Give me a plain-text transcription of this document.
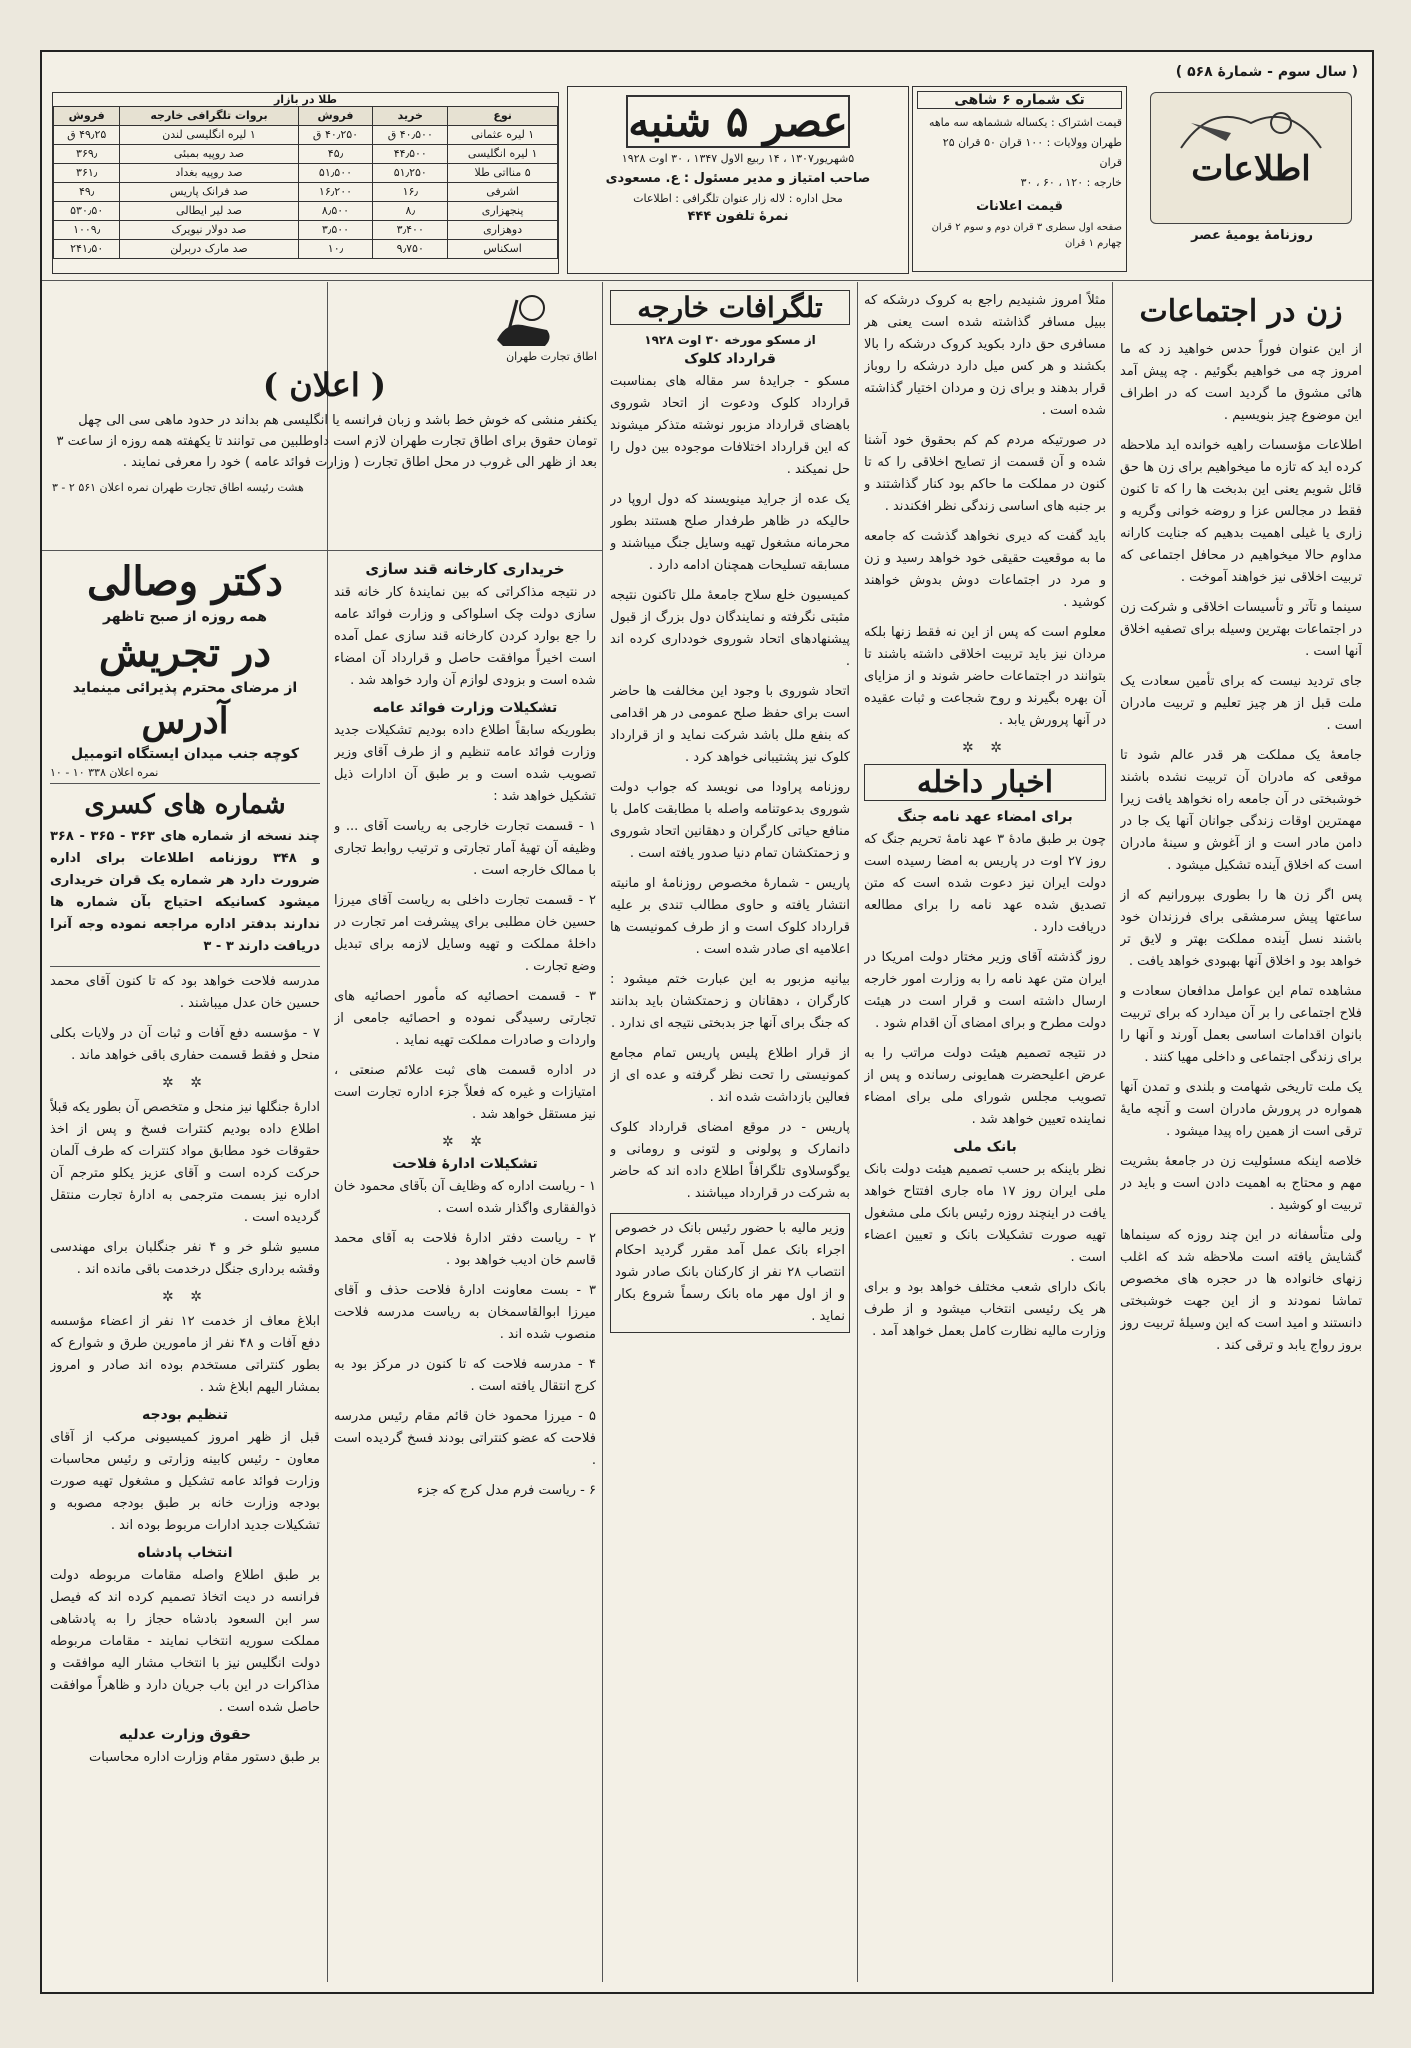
( سال سوم - شمارهٔ ۵۶۸ )
اطلاعات
روزنامهٔ یومیهٔ عصر
تک شماره ۶ شاهی
قیمت اشتراک : یکساله ششماهه سه ماهه
طهران وولایات : ۱۰۰ قران ۵۰ قران ۲۵ قران
خارجه : ۱۲۰ ، ۶۰ ، ۳۰
قیمت اعلانات
صفحه اول سطری ۳ قران دوم و سوم ۲ قران چهارم ۱ قران
عصر ۵ شنبه
۵شهریور۱۳۰۷ ، ۱۴ ربیع الاول ۱۳۴۷ ، ۳۰ اوت ۱۹۲۸
صاحب امتیاز و مدیر مسئول : ع. مسعودی
محل اداره : لاله زار عنوان تلگرافی : اطلاعات
نمرهٔ تلفون ۴۴۴
طلا در بازار
نوع	خرید	فروش	بروات تلگرافی خارجه	فروش
۱ لیره عثمانی	۴۰٫۵۰۰ ق	۴۰٫۲۵۰ ق	۱ لیره انگلیسی لندن	۴۹٫۲۵ ق
۱ لیره انگلیسی	۴۴٫۵۰۰	۴۵٫	صد روپیه بمبئی	۳۶۹٫
۵ منااتی طلا	۵۱٫۲۵۰	۵۱٫۵۰۰	صد روپیه بغداد	۳۶۱٫
اشرفی	۱۶٫	۱۶٫۲۰۰	صد فرانک پاریس	۴۹٫
پنجهزاری	۸٫	۸٫۵۰۰	صد لیر ایطالی	۵۳۰٫۵۰
دوهزاری	۳٫۴۰۰	۳٫۵۰۰	صد دولار نیویرک	۱۰۰۹٫
اسکناس	۹٫۷۵۰	۱۰٫	صد مارک دربرلن	۲۴۱٫۵۰
زن در اجتماعات

از این عنوان فوراً حدس خواهید زد که ما امروز چه می خواهیم بگوئیم . چه پیش آمد هائی مشوق ما گردید است که در اطراف این موضوع چیز بنویسیم .

اطلاعات مؤسسات راهیه خوانده اید ملاحظه کرده اید که تازه ما میخواهیم برای زن ها حق قائل شویم یعنی این بدبخت ها را که تا کنون فقط در مجالس عزا و روضه خوانی وگریه و زاری یا غیلی اهمیت بدهیم که جنایت کارانه مداوم حالا میخواهیم در محافل اجتماعی که تربیت اخلاقی نیز خواهند آموخت .

سینما و تآتر و تأسیسات اخلاقی و شرکت زن در اجتماعات بهترین وسیله برای تصفیه اخلاق آنها است .

جای تردید نیست که برای تأمین سعادت یک ملت قبل از هر چیز تعلیم و تربیت مادران است .

جامعهٔ یک مملکت هر قدر عالم شود تا موقعی که مادران آن تربیت نشده باشند خوشبختی در آن جامعه راه نخواهد یافت زیرا مهمترین اوقات زندگی جوانان آنها یک جا در دامن مادر است و از آغوش و سینهٔ مادران است که اخلاق آینده تشکیل میشود .

پس اگر زن ها را بطوری بپرورانیم که از ساعتها پیش سرمشقی برای فرزندان خود باشند نسل آینده مملکت بهتر و لایق تر خواهد بود و اخلاق آنها بهبودی خواهد یافت .

مشاهده تمام این عوامل مدافعان سعادت و فلاح اجتماعی را بر آن میدارد که برای تربیت بانوان اقدامات اساسی بعمل آورند و آنها را برای زندگی اجتماعی و داخلی مهیا کنند .

یک ملت تاریخی شهامت و بلندی و تمدن آنها همواره در پرورش مادران است و آنچه مایهٔ ترقی است از همین راه پیدا میشود .

خلاصه اینکه مسئولیت زن در جامعهٔ بشریت مهم و محتاج به اهمیت دادن است و باید در تربیت او کوشید .

ولی متأسفانه در این چند روزه که سینماها گشایش یافته است ملاحظه شد که اغلب زنهای خانواده ها در حجره های مخصوص تماشا نمودند و از این جهت خوشبختی دانستند و امید است که این وسیلهٔ تربیت روز بروز رواج یابد و ترقی کند .

مثلاً امروز شنیدیم راجع به کروک درشکه که ببیل مسافر گذاشته شده است یعنی هر مسافری حق دارد بکوید کروک درشکه را بالا بکشند و هر کس میل دارد درشکه را روباز قرار بدهند و برای زن و مردان اختیار گذاشته شده است .

در صورتیکه مردم کم کم بحقوق خود آشنا شده و آن قسمت از تصایح اخلاقی را که تا کنون در مملکت ما حاکم بود کنار گذاشتند و بر جنبه های اساسی زندگی نظر افکندند .

باید گفت که دیری نخواهد گذشت که جامعه ما به موقعیت حقیقی خود خواهد رسید و زن و مرد در اجتماعات دوش بدوش خواهند کوشید .

معلوم است که پس از این نه فقط زنها بلکه مردان نیز باید تربیت اخلاقی داشته باشند تا بتوانند در اجتماعات حاضر شوند و از مزایای آن بهره بگیرند و روح شجاعت و ثبات عقیده در آنها پرورش یابد .

✲ ✲
اخبار داخله
برای امضاء عهد نامه جنگ

چون بر طبق مادهٔ ۳ عهد نامهٔ تحریم جنگ که روز ۲۷ اوت در پاریس به امضا رسیده است دولت ایران نیز دعوت شده است که متن تصدیق شده عهد نامه را برای مطالعه دریافت دارد .

روز گذشته آقای وزیر مختار دولت امریکا در ایران متن عهد نامه را به وزارت امور خارجه ارسال داشته است و قرار است در هیئت دولت مطرح و برای امضای آن اقدام شود .

در نتیجه تصمیم هیئت دولت مراتب را به عرض اعلیحضرت همایونی رسانده و پس از تصویب مجلس شورای ملی برای امضاء نماینده تعیین خواهد شد .

بانک ملی

نظر باینکه بر حسب تصمیم هیئت دولت بانک ملی ایران روز ۱۷ ماه جاری افتتاح خواهد یافت در اینچند روزه رئیس بانک ملی مشغول تهیه صورت تشکیلات بانک و تعیین اعضاء است .

بانک دارای شعب مختلف خواهد بود و برای هر یک رئیسی انتخاب میشود و از طرف وزارت مالیه نظارت کامل بعمل خواهد آمد .

تلگرافات خارجه
از مسکو مورخه ۳۰ اوت ۱۹۲۸
قرارداد کلوک

مسکو - جرایدهٔ سر مقاله های بمناسبت قرارداد کلوک ودعوت از اتحاد شوروی باهضای قرارداد مزبور نوشته متذکر میشوند که این قرارداد اختلافات موجوده بین دول را حل نمیکند .

یک عده از جراید مینویسند که دول اروپا در حالیکه در ظاهر طرفدار صلح هستند بطور محرمانه مشغول تهیه وسایل جنگ میباشند و مسابقه تسلیحات همچنان ادامه دارد .

کمیسیون خلع سلاح جامعهٔ ملل تاکنون نتیجه مثبتی نگرفته و نمایندگان دول بزرگ از قبول پیشنهادهای اتحاد شوروی خودداری کرده اند .

اتحاد شوروی با وجود این مخالفت ها حاضر است برای حفظ صلح عمومی در هر اقدامی که بنفع ملل باشد شرکت نماید و از قرارداد کلوک نیز پشتیبانی خواهد کرد .

روزنامه پراودا می نویسد که جواب دولت شوروی بدعوتنامه واصله با مطابقت کامل با منافع حیاتی کارگران و دهقانین اتحاد شوروی و زحمتکشان تمام دنیا صدور یافته است .

پاریس - شمارهٔ مخصوص روزنامهٔ او مانیته انتشار یافته و حاوی مطالب تندی بر علیه قرارداد کلوک است و از طرف کمونیست ها اعلامیه ای صادر شده است .

بیانیه مزبور به این عبارت ختم میشود : کارگران ، دهقانان و زحمتکشان باید بدانند که جنگ برای آنها جز بدبختی نتیجه ای ندارد .

از قرار اطلاع پلیس پاریس تمام مجامع کمونیستی را تحت نظر گرفته و عده ای از فعالین بازداشت شده اند .

پاریس - در موقع امضای قرارداد کلوک دانمارک و پولونی و لتونی و رومانی و یوگوسلاوی تلگرافاً اطلاع داده اند که حاضر به شرکت در قرارداد میباشند .

وزیر مالیه با حضور رئیس بانک در خصوص اجراء بانک عمل آمد مقرر گردید احکام انتصاب ۲۸ نفر از کارکنان بانک صادر شود و از اول مهر ماه بانک رسماً شروع بکار نماید .
اطاق تجارت طهران
( اعلان )

یکنفر منشی که خوش خط باشد و زبان فرانسه یا انگلیسی هم بداند در حدود ماهی سی الی چهل تومان حقوق برای اطاق تجارت طهران لازم است داوطلبین می توانند تا یکهفته همه روزه از ساعت ۳ بعد از ظهر الی غروب در محل اطاق تجارت ( وزارت فوائد عامه ) خود را معرفی نمایند .

هشت رئیسه اطاق تجارت طهران نمره اعلان ۵۶۱ ۲ - ۳
دکتر وصالی
همه روزه از صبح تاظهر
در تجریش
از مرضای محترم پذیرائی مینماید
آدرس
کوچه جنب میدان ایستگاه اتومبیل
نمره اعلان ۳۳۸ ۱۰ - ۱۰
شماره های کسری

چند نسخه از شماره های ۳۶۳ - ۳۶۵ - ۳۶۸ و ۳۴۸ روزنامه اطلاعات برای اداره ضرورت دارد هر شماره یک قران خریداری میشود کسانیکه احتیاج بآن شماره ها ندارند بدفتر اداره مراجعه نموده وجه آنرا دریافت دارند ۳ - ۳

مدرسه فلاحت خواهد بود که تا کنون آقای محمد حسین خان عدل میباشند .

۷ - مؤسسه دفع آفات و ثبات آن در ولایات بکلی منحل و فقط قسمت حفاری باقی خواهد ماند .

✲ ✲

ادارهٔ جنگلها نیز منحل و متخصص آن بطور یکه قبلاً اطلاع داده بودیم کنترات فسخ و پس از اخذ حقوقات خود مطابق مواد کنترات که طرف آلمان حرکت کرده است و آقای عزیز یکلو مترجم آن اداره نیز بسمت مترجمی به ادارهٔ تجارت منتقل گردیده است .

مسیو شلو خر و ۴ نفر جنگلبان برای مهندسی وقشه برداری جنگل درخدمت باقی مانده اند .

✲ ✲

ابلاغ معاف از خدمت ۱۲ نفر از اعضاء مؤسسه دفع آفات و ۴۸ نفر از مامورین طرق و شوارع که بطور کنتراتی مستخدم بوده اند صادر و امروز بمشار الیهم ابلاغ شد .

تنظیم بودجه

قبل از ظهر امروز کمیسیونی مرکب از آقای معاون - رئیس کابینه وزارتی و رئیس محاسبات وزارت فوائد عامه تشکیل و مشغول تهیه صورت بودجه وزارت خانه بر طبق بودجه مصوبه و تشکیلات جدید ادارات مربوط بوده اند .

انتخاب پادشاه

بر طبق اطلاع واصله مقامات مربوطه دولت فرانسه در دیت اتخاذ تصمیم کرده اند که فیصل سر ابن السعود بادشاه حجاز را به پادشاهی مملکت سوریه انتخاب نمایند - مقامات مربوطه دولت انگلیس نیز با انتخاب مشار الیه موافقت و مذاکرات در این باب جریان دارد و ظاهراً موافقت حاصل شده است .

حقوق وزارت عدلیه

بر طبق دستور مقام وزارت اداره محاسبات

خریداری کارخانه قند سازی

در نتیجه مذاکراتی که بین نمایندهٔ کار خانه قند سازی دولت چک اسلواکی و وزارت فوائد عامه را جع بوارد کردن کارخانه قند سازی عمل آمده است اخیراً موافقت حاصل و قرارداد آن امضاء شده است و بزودی لوازم آن وارد خواهد شد .

تشکیلات وزارت فوائد عامه

بطوریکه سابقاً اطلاع داده بودیم تشکیلات جدید وزارت فوائد عامه تنظیم و از طرف آقای وزیر تصویب شده است و بر طبق آن ادارات ذیل تشکیل خواهد شد :

۱ - قسمت تجارت خارجی به ریاست آقای ... و وظیفه آن تهیهٔ آمار تجارتی و ترتیب روابط تجاری با ممالک خارجه است .

۲ - قسمت تجارت داخلی به ریاست آقای میرزا حسین خان مطلبی برای پیشرفت امر تجارت در داخلهٔ مملکت و تهیه وسایل لازمه برای تبدیل وضع تجارت .

۳ - قسمت احصائیه که مأمور احصائیه های تجارتی رسیدگی نموده و احصائیه جامعی از واردات و صادرات مملکت تهیه نماید .

در اداره قسمت های ثبت علائم صنعتی ، امتیازات و غیره که فعلاً جزء اداره تجارت است نیز مستقل خواهد شد .

✲ ✲
تشکیلات ادارهٔ فلاحت

۱ - ریاست اداره که وظایف آن بآقای محمود خان ذوالفقاری واگذار شده است .

۲ - ریاست دفتر ادارهٔ فلاحت به آقای محمد قاسم خان ادیب خواهد بود .

۳ - بست معاونت ادارهٔ فلاحت حذف و آقای میرزا ابوالقاسمخان به ریاست مدرسه فلاحت منصوب شده اند .

۴ - مدرسه فلاحت که تا کنون در مرکز بود به کرج انتقال یافته است .

۵ - میرزا محمود خان قائم مقام رئیس مدرسه فلاحت که عضو کنتراتی بودند فسخ گردیده است .

۶ - ریاست فرم مدل کرج که جزء
